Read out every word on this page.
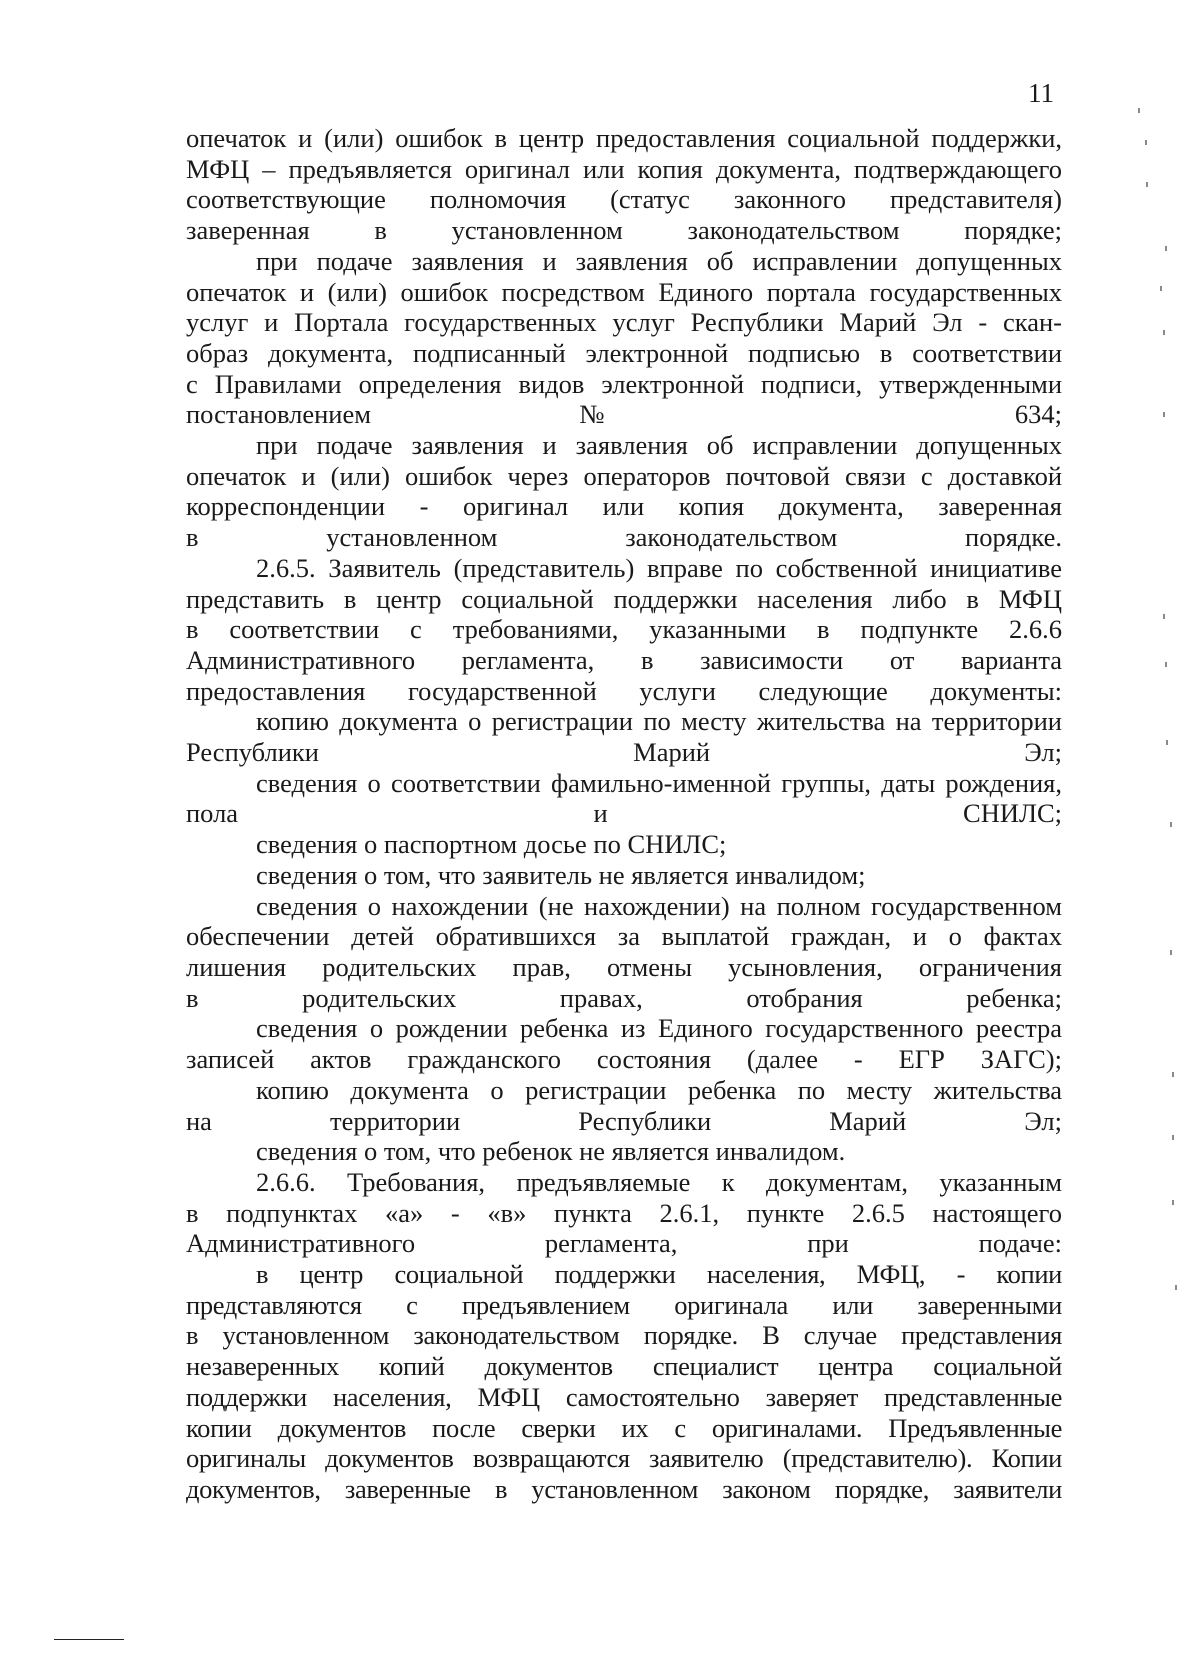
11

опечаток и (или) ошибок в центр предоставления социальной поддержки,
МФЦ – предъявляется оригинал или копия документа, подтверждающего
соответствующие полномочия (статус законного представителя)
заверенная в установленном законодательством порядке;

при подаче заявления и заявления об исправлении допущенных
опечаток и (или) ошибок посредством Единого портала государственных
услуг и Портала государственных услуг Республики Марий Эл - скан-
образ документа, подписанный электронной подписью в соответствии
с Правилами определения видов электронной подписи, утвержденными
постановлением № 634;

при подаче заявления и заявления об исправлении допущенных
опечаток и (или) ошибок через операторов почтовой связи с доставкой
корреспонденции - оригинал или копия документа, заверенная
в установленном законодательством порядке.

2.6.5. Заявитель (представитель) вправе по собственной инициативе
представить в центр социальной поддержки населения либо в МФЦ
в соответствии с требованиями, указанными в подпункте 2.6.6
Административного регламента, в зависимости от варианта
предоставления государственной услуги следующие документы:

копию документа о регистрации по месту жительства на территории
Республики Марий Эл;

сведения о соответствии фамильно-именной группы, даты рождения,
пола и СНИЛС;

сведения о паспортном досье по СНИЛС;

сведения о том, что заявитель не является инвалидом;

сведения о нахождении (не нахождении) на полном государственном
обеспечении детей обратившихся за выплатой граждан, и о фактах
лишения родительских прав, отмены усыновления, ограничения
в родительских правах, отобрания ребенка;

сведения о рождении ребенка из Единого государственного реестра
записей актов гражданского состояния (далее - ЕГР ЗАГС);

копию документа о регистрации ребенка по месту жительства
на территории Республики Марий Эл;

сведения о том, что ребенок не является инвалидом.

2.6.6. Требования, предъявляемые к документам, указанным
в подпунктах «а» - «в» пункта 2.6.1, пункте 2.6.5 настоящего
Административного регламента, при подаче:

в центр социальной поддержки населения, МФЦ, - копии
представляются с предъявлением оригинала или заверенными
в установленном законодательством порядке. В случае представления
незаверенных копий документов специалист центра социальной
поддержки населения, МФЦ самостоятельно заверяет представленные
копии документов после сверки их с оригиналами. Предъявленные
оригиналы документов возвращаются заявителю (представителю). Копии
документов, заверенные в установленном законом порядке, заявители
